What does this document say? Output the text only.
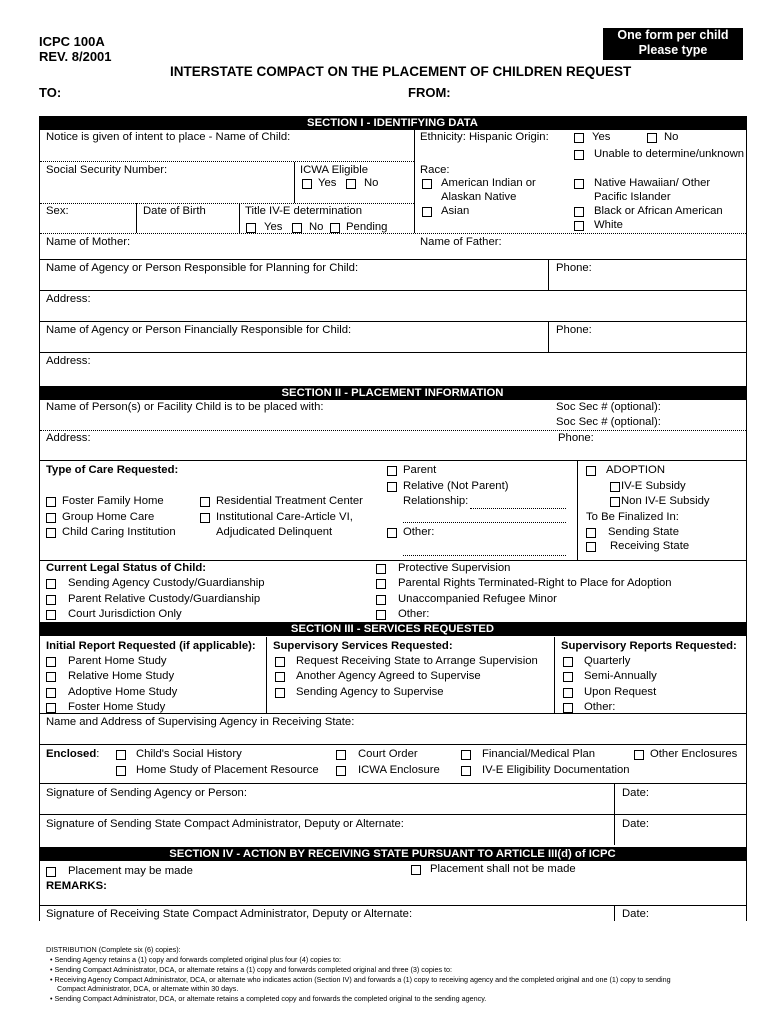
ICPC 100A
REV. 8/2001
One form per child
Please type
INTERSTATE COMPACT ON THE PLACEMENT OF CHILDREN REQUEST
TO:	FROM:
SECTION I - IDENTIFYING DATA
Notice is given of intent to place - Name of Child:	Ethnicity: Hispanic Origin:	Yes	No
Unable to determine/unknown
Social Security Number:	ICWA Eligible
Yes No
Race:
American Indian or
Alaskan Native
Asian
Native Hawaiian/ Other
Pacific Islander
Black or African American
White
Sex:	Date of Birth	Title IV-E determination
Yes No Pending
Name of Mother:	Name of Father:
Name of Agency or Person Responsible for Planning for Child:	Phone:
Address:
Name of Agency or Person Financially Responsible for Child:	Phone:
Address:
SECTION II - PLACEMENT INFORMATION
Name of Person(s) or Facility Child is to be placed with:	Soc Sec # (optional):
Soc Sec # (optional):
Address:	Phone:
Type of Care Requested:
Foster Family Home
Group Home Care
Child Caring Institution
Residential Treatment Center
Institutional Care-Article VI,
Adjudicated Delinquent
Parent
Relative (Not Parent)
Relationship:
Other:
ADOPTION
IV-E Subsidy
Non IV-E Subsidy
To Be Finalized In:
Sending State
Receiving State
Current Legal Status of Child:
Sending Agency Custody/Guardianship
Parent Relative Custody/Guardianship
Court Jurisdiction Only
Protective Supervision
Parental Rights Terminated-Right to Place for Adoption
Unaccompanied Refugee Minor
Other:
SECTION III - SERVICES REQUESTED
Initial Report Requested (if applicable):
Parent Home Study
Relative Home Study
Adoptive Home Study
Foster Home Study
Supervisory Services Requested:
Request Receiving State to Arrange Supervision
Another Agency Agreed to Supervise
Sending Agency to Supervise
Supervisory Reports Requested:
Quarterly
Semi-Annually
Upon Request
Other:
Name and Address of Supervising Agency in Receiving State:
Enclosed:	Child's Social History
Home Study of Placement Resource
Court Order
ICWA Enclosure
Financial/Medical Plan
IV-E Eligibility Documentation
Other Enclosures
Signature of Sending Agency or Person:	Date:
Signature of Sending State Compact Administrator, Deputy or Alternate:	Date:
SECTION IV - ACTION BY RECEIVING STATE PURSUANT TO ARTICLE III(d) of ICPC
Placement may be made	Placement shall not be made
REMARKS:
Signature of Receiving State Compact Administrator, Deputy or Alternate:	Date:
DISTRIBUTION (Complete six (6) copies):
• Sending Agency retains a (1) copy and forwards completed original plus four (4) copies to:
• Sending Compact Administrator, DCA, or alternate retains a (1) copy and forwards completed original and three (3) copies to:
• Receiving Agency Compact Administrator, DCA, or alternate who indicates action (Section IV) and forwards a (1) copy to receiving agency and the completed original and one (1) copy to sending
Compact Administrator, DCA, or alternate within 30 days.
• Sending Compact Administrator, DCA, or alternate retains a completed copy and forwards the completed original to the sending agency.
